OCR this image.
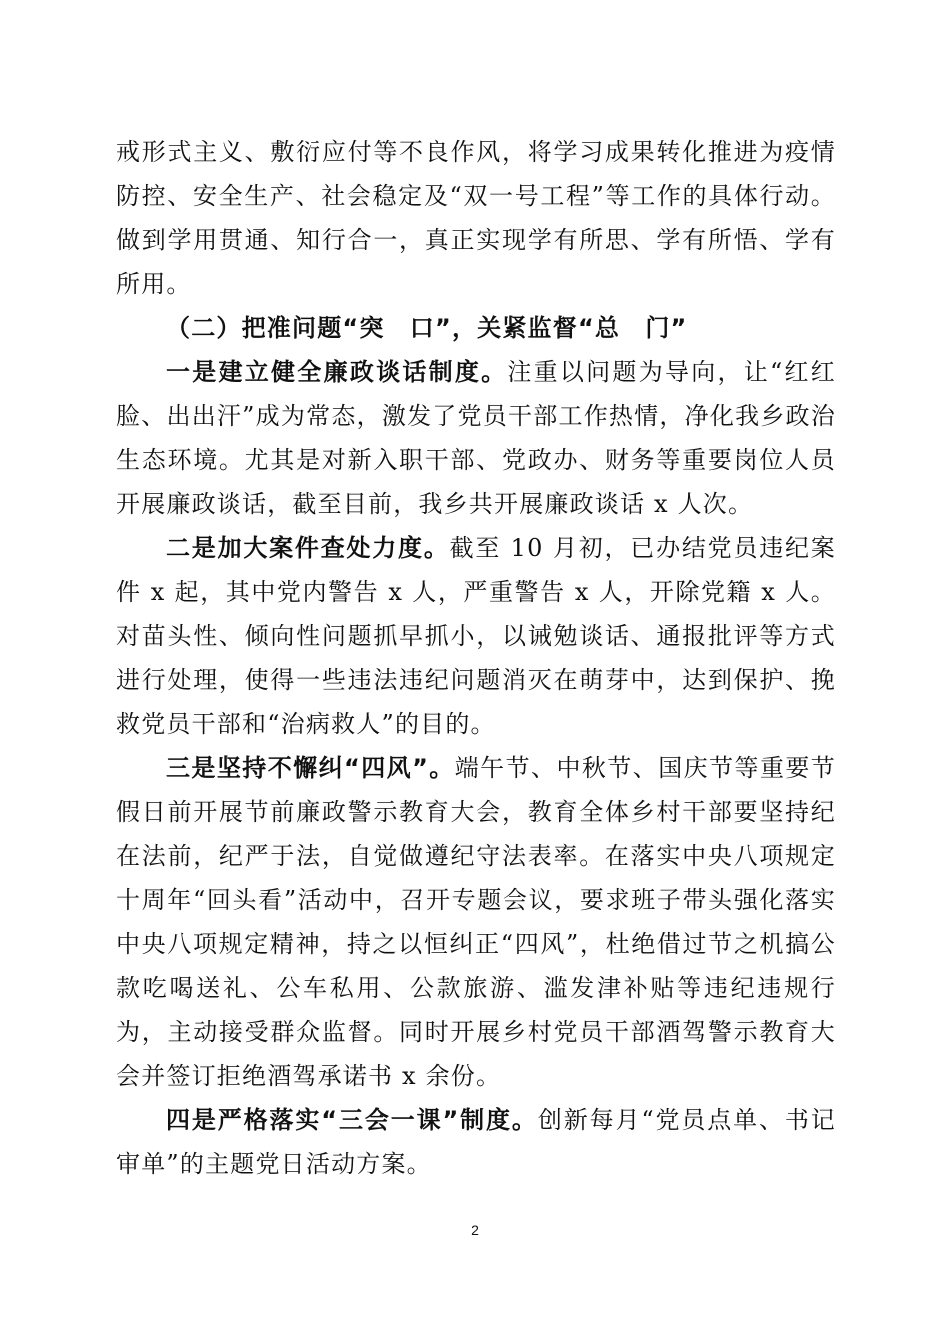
戒形式主义、敷衍应付等不良作风，将学习成果转化推进为疫情防控、安全生产、社会稳定及“双一号工程”等工作的具体行动。做到学用贯通、知行合一，真正实现学有所思、学有所悟、学有所用。

（二）把准问题“突　口”，关紧监督“总　门”

一是建立健全廉政谈话制度。注重以问题为导向，让“红红脸、出出汗”成为常态，激发了党员干部工作热情，净化我乡政治生态环境。尤其是对新入职干部、党政办、财务等重要岗位人员开展廉政谈话，截至目前，我乡共开展廉政谈话 x 人次。

二是加大案件查处力度。截至 10 月初，已办结党员违纪案件 x 起，其中党内警告 x 人，严重警告 x 人，开除党籍 x 人。对苗头性、倾向性问题抓早抓小，以诫勉谈话、通报批评等方式进行处理，使得一些违法违纪问题消灭在萌芽中，达到保护、挽救党员干部和“治病救人”的目的。

三是坚持不懈纠“四风”。端午节、中秋节、国庆节等重要节假日前开展节前廉政警示教育大会，教育全体乡村干部要坚持纪在法前，纪严于法，自觉做遵纪守法表率。在落实中央八项规定十周年“回头看”活动中，召开专题会议，要求班子带头强化落实中央八项规定精神，持之以恒纠正“四风”，杜绝借过节之机搞公款吃喝送礼、公车私用、公款旅游、滥发津补贴等违纪违规行为，主动接受群众监督。同时开展乡村党员干部酒驾警示教育大会并签订拒绝酒驾承诺书 x 余份。

四是严格落实“三会一课”制度。创新每月“党员点单、书记审单”的主题党日活动方案。

2
